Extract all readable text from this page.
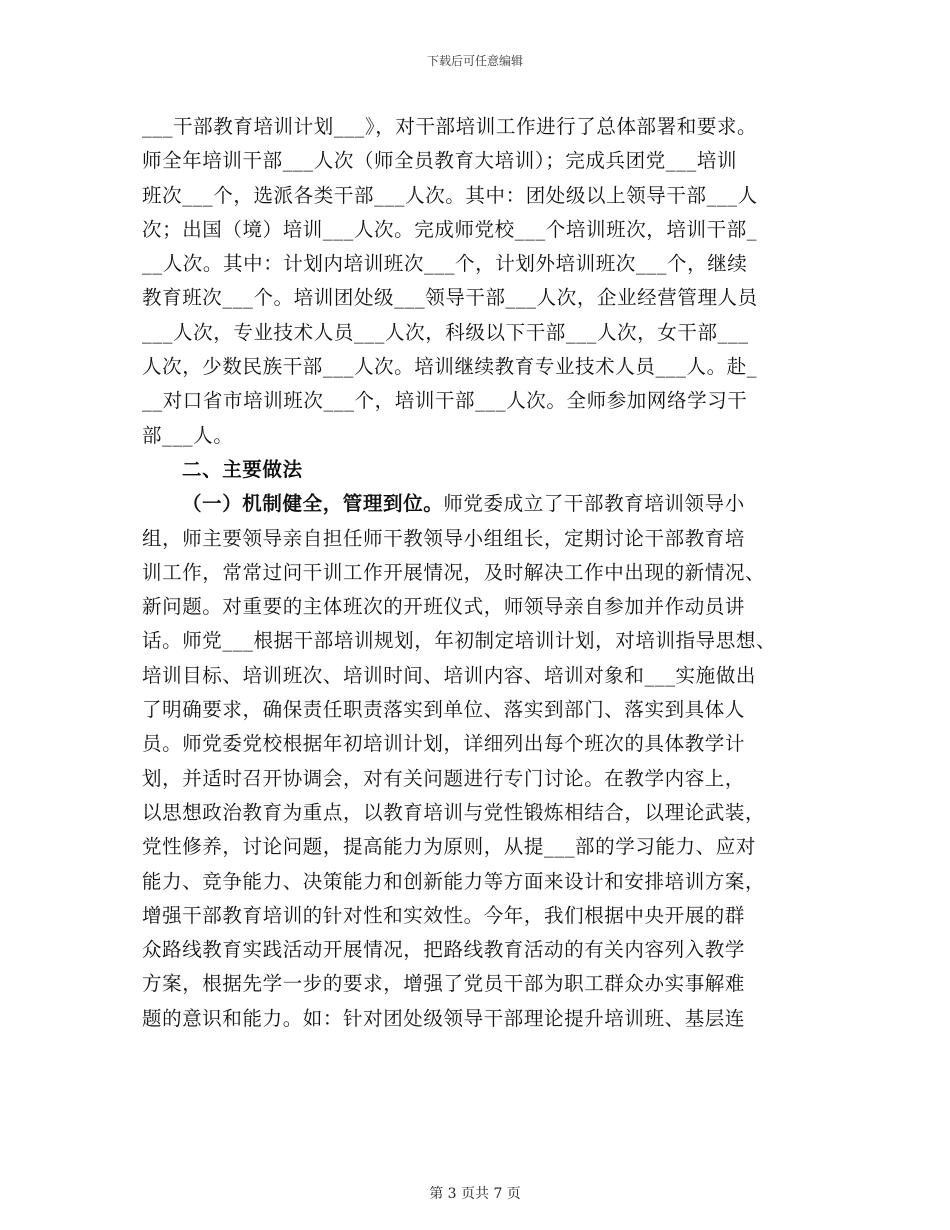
下载后可任意编辑
___干部教育培训计划___》，对干部培训工作进行了总体部署和要求。
师全年培训干部___人次（师全员教育大培训）；完成兵团党___培训
班次___个，选派各类干部___人次。其中：团处级以上领导干部___人
次；出国（境）培训___人次。完成师党校___个培训班次，培训干部_
__人次。其中：计划内培训班次___个，计划外培训班次___个，继续
教育班次___个。培训团处级___领导干部___人次，企业经营管理人员
___人次，专业技术人员___人次，科级以下干部___人次，女干部___
人次，少数民族干部___人次。培训继续教育专业技术人员___人。赴_
__对口省市培训班次___个，培训干部___人次。全师参加网络学习干
部___人。
二、主要做法
（一）机制健全，管理到位。师党委成立了干部教育培训领导小
组，师主要领导亲自担任师干教领导小组组长，定期讨论干部教育培
训工作，常常过问干训工作开展情况，及时解决工作中出现的新情况、
新问题。对重要的主体班次的开班仪式，师领导亲自参加并作动员讲
话。师党___根据干部培训规划，年初制定培训计划，对培训指导思想、
培训目标、培训班次、培训时间、培训内容、培训对象和___实施做出
了明确要求，确保责任职责落实到单位、落实到部门、落实到具体人
员。师党委党校根据年初培训计划，详细列出每个班次的具体教学计
划，并适时召开协调会，对有关问题进行专门讨论。在教学内容上，
以思想政治教育为重点，以教育培训与党性锻炼相结合，以理论武装，
党性修养，讨论问题，提高能力为原则，从提___部的学习能力、应对
能力、竞争能力、决策能力和创新能力等方面来设计和安排培训方案，
增强干部教育培训的针对性和实效性。今年，我们根据中央开展的群
众路线教育实践活动开展情况，把路线教育活动的有关内容列入教学
方案，根据先学一步的要求，增强了党员干部为职工群众办实事解难
题的意识和能力。如：针对团处级领导干部理论提升培训班、基层连
第 3 页共 7 页
